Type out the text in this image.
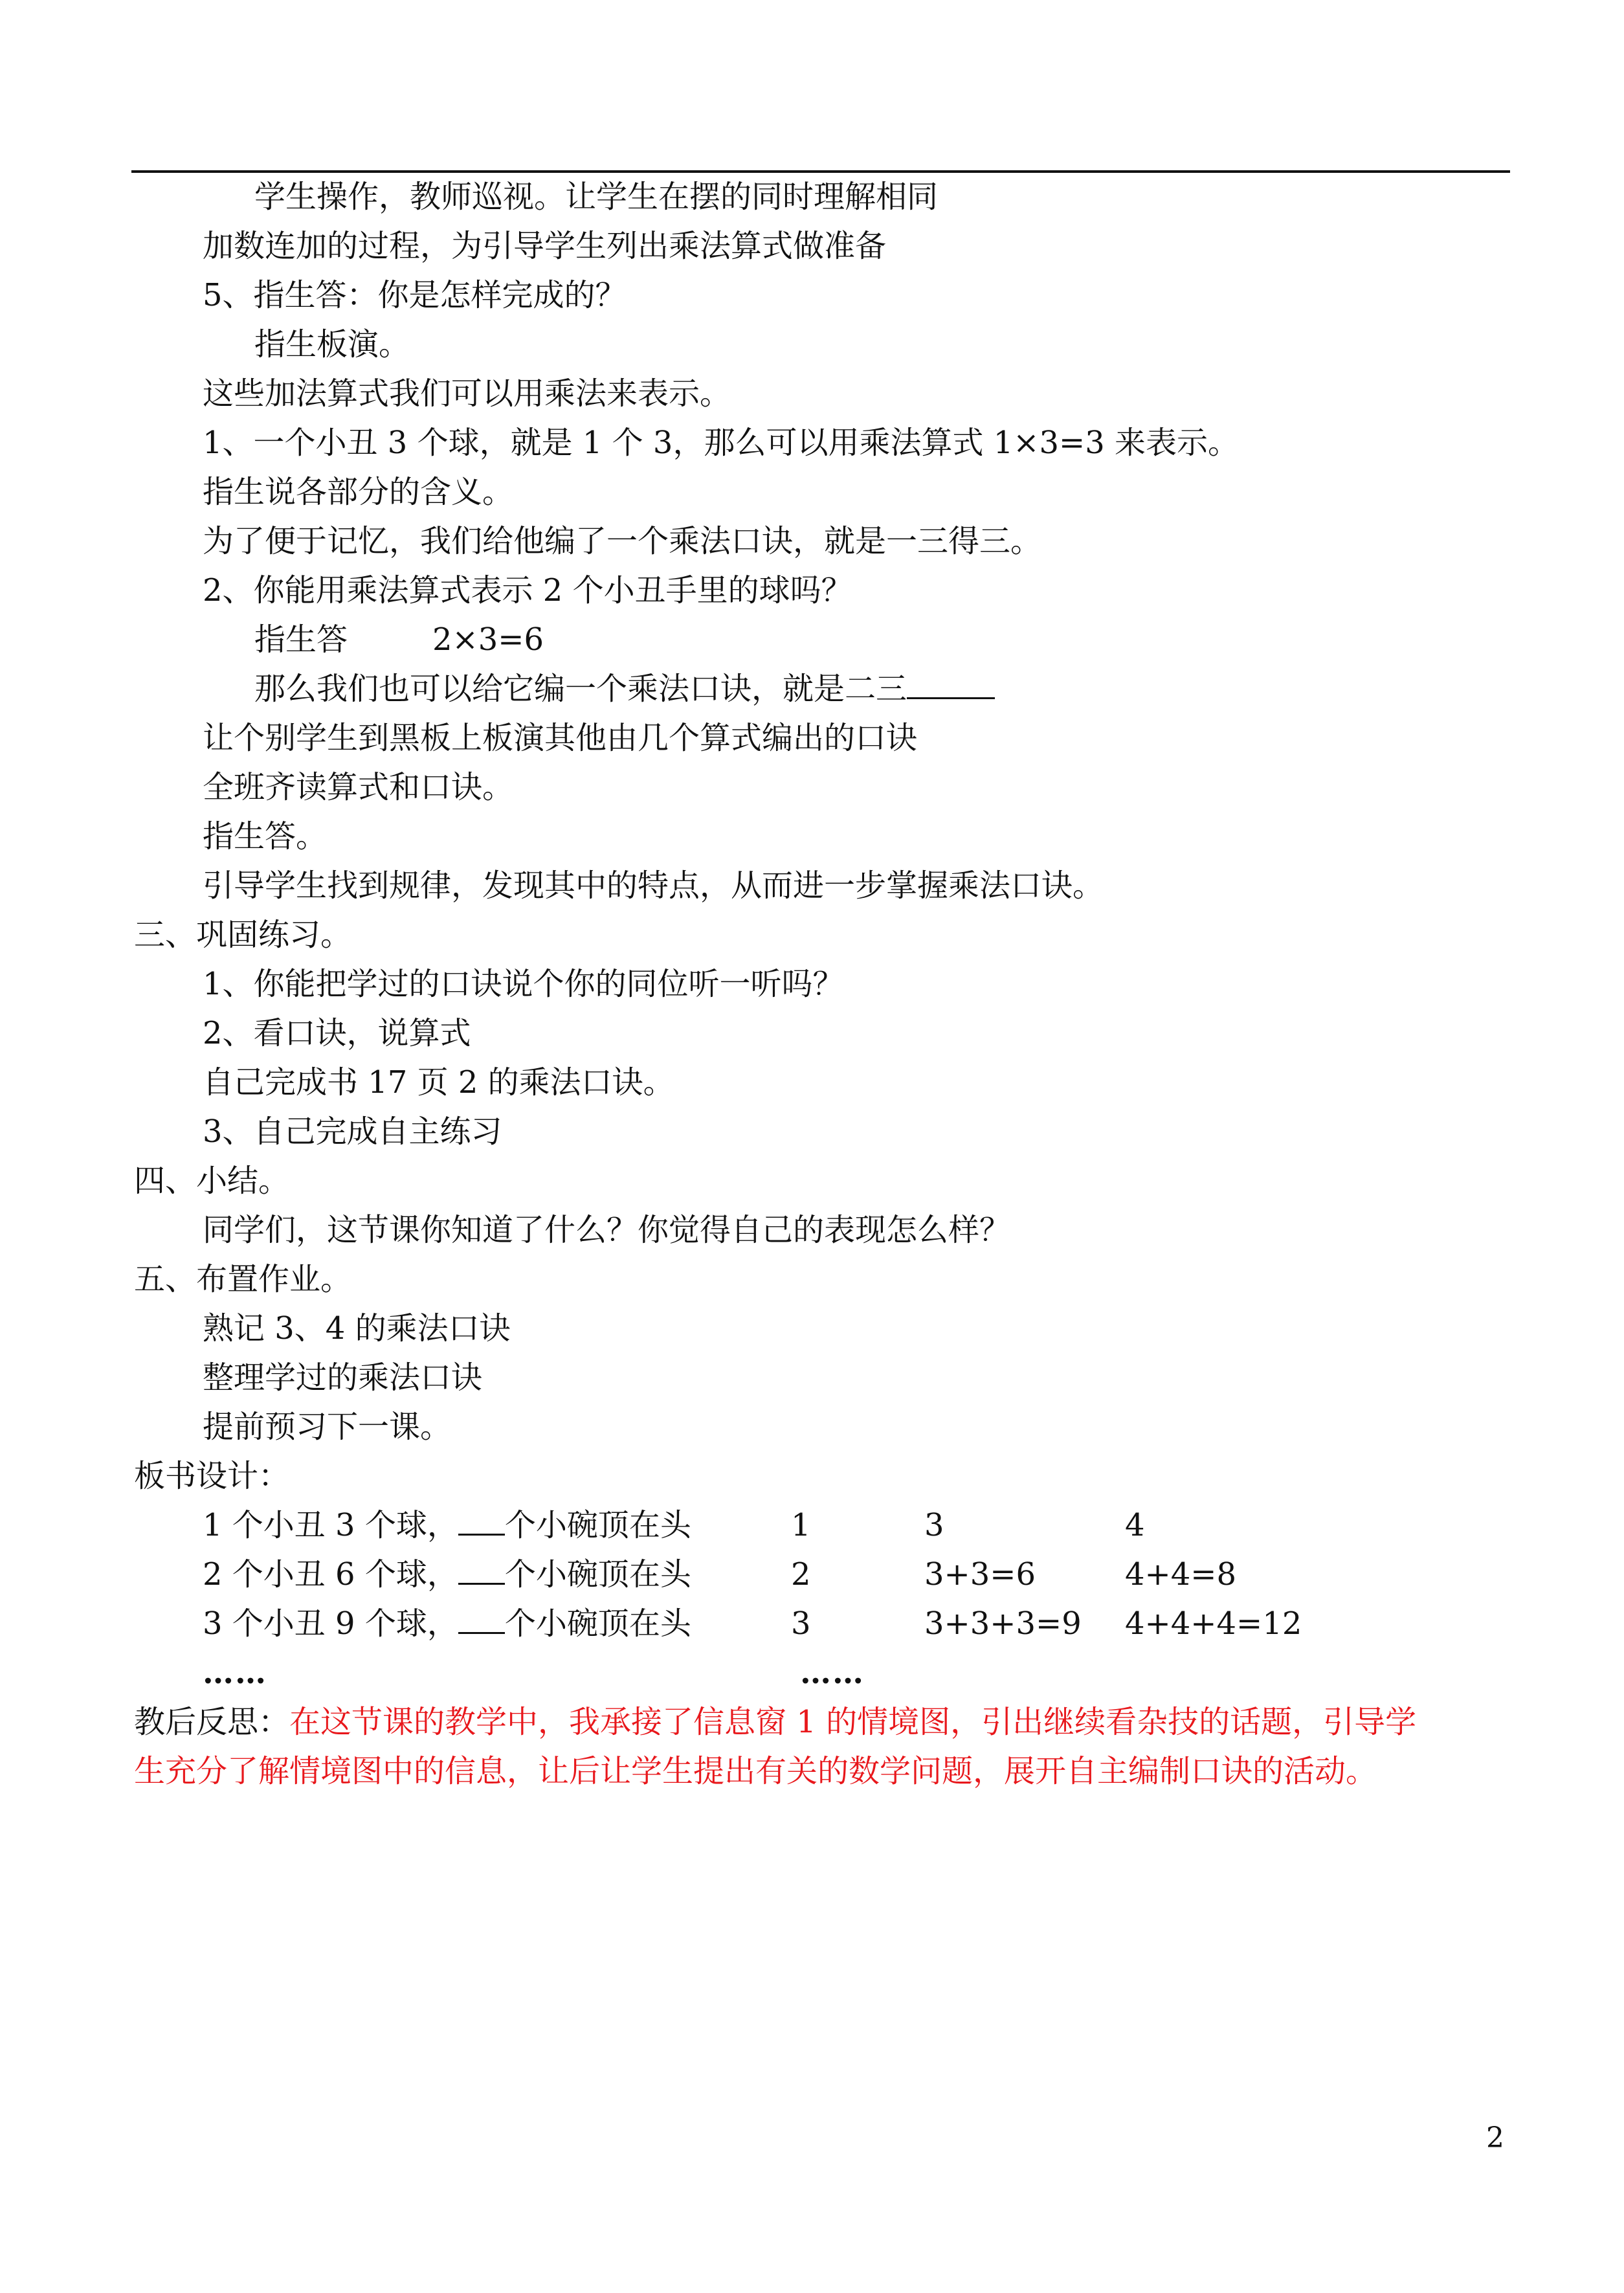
学生操作，教师巡视。让学生在摆的同时理解相同
加数连加的过程，为引导学生列出乘法算式做准备
5、指生答：你是怎样完成的？
指生板演。
这些加法算式我们可以用乘法来表示。
1、一个小丑 3 个球，就是 1 个 3，那么可以用乘法算式 1×3=3 来表示。
指生说各部分的含义。
为了便于记忆，我们给他编了一个乘法口诀，就是一三得三。
2、你能用乘法算式表示 2 个小丑手里的球吗？
指生答	2×3=6
那么我们也可以给它编一个乘法口诀，就是二三
让个别学生到黑板上板演其他由几个算式编出的口诀
全班齐读算式和口诀。
指生答。
引导学生找到规律，发现其中的特点，从而进一步掌握乘法口诀。
三、巩固练习。
1、你能把学过的口诀说个你的同位听一听吗？
2、看口诀，说算式
自己完成书 17 页 2 的乘法口诀。
3、自己完成自主练习
四、小结。
同学们，这节课你知道了什么？你觉得自己的表现怎么样？
五、布置作业。
熟记 3、4 的乘法口诀
整理学过的乘法口诀
提前预习下一课。
板书设计：
1 个小丑 3 个球， 个小碗顶在头	1	3	4
2 个小丑 6 个球， 个小碗顶在头	2	3+3=6	4+4=8
3 个小丑 9 个球， 个小碗顶在头	3	3+3+3=9 4+4+4=12
……	……
教后反思：在这节课的教学中，我承接了信息窗 1 的情境图，引出继续看杂技的话题，引导学
生充分了解情境图中的信息，让后让学生提出有关的数学问题，展开自主编制口诀的活动。
2
